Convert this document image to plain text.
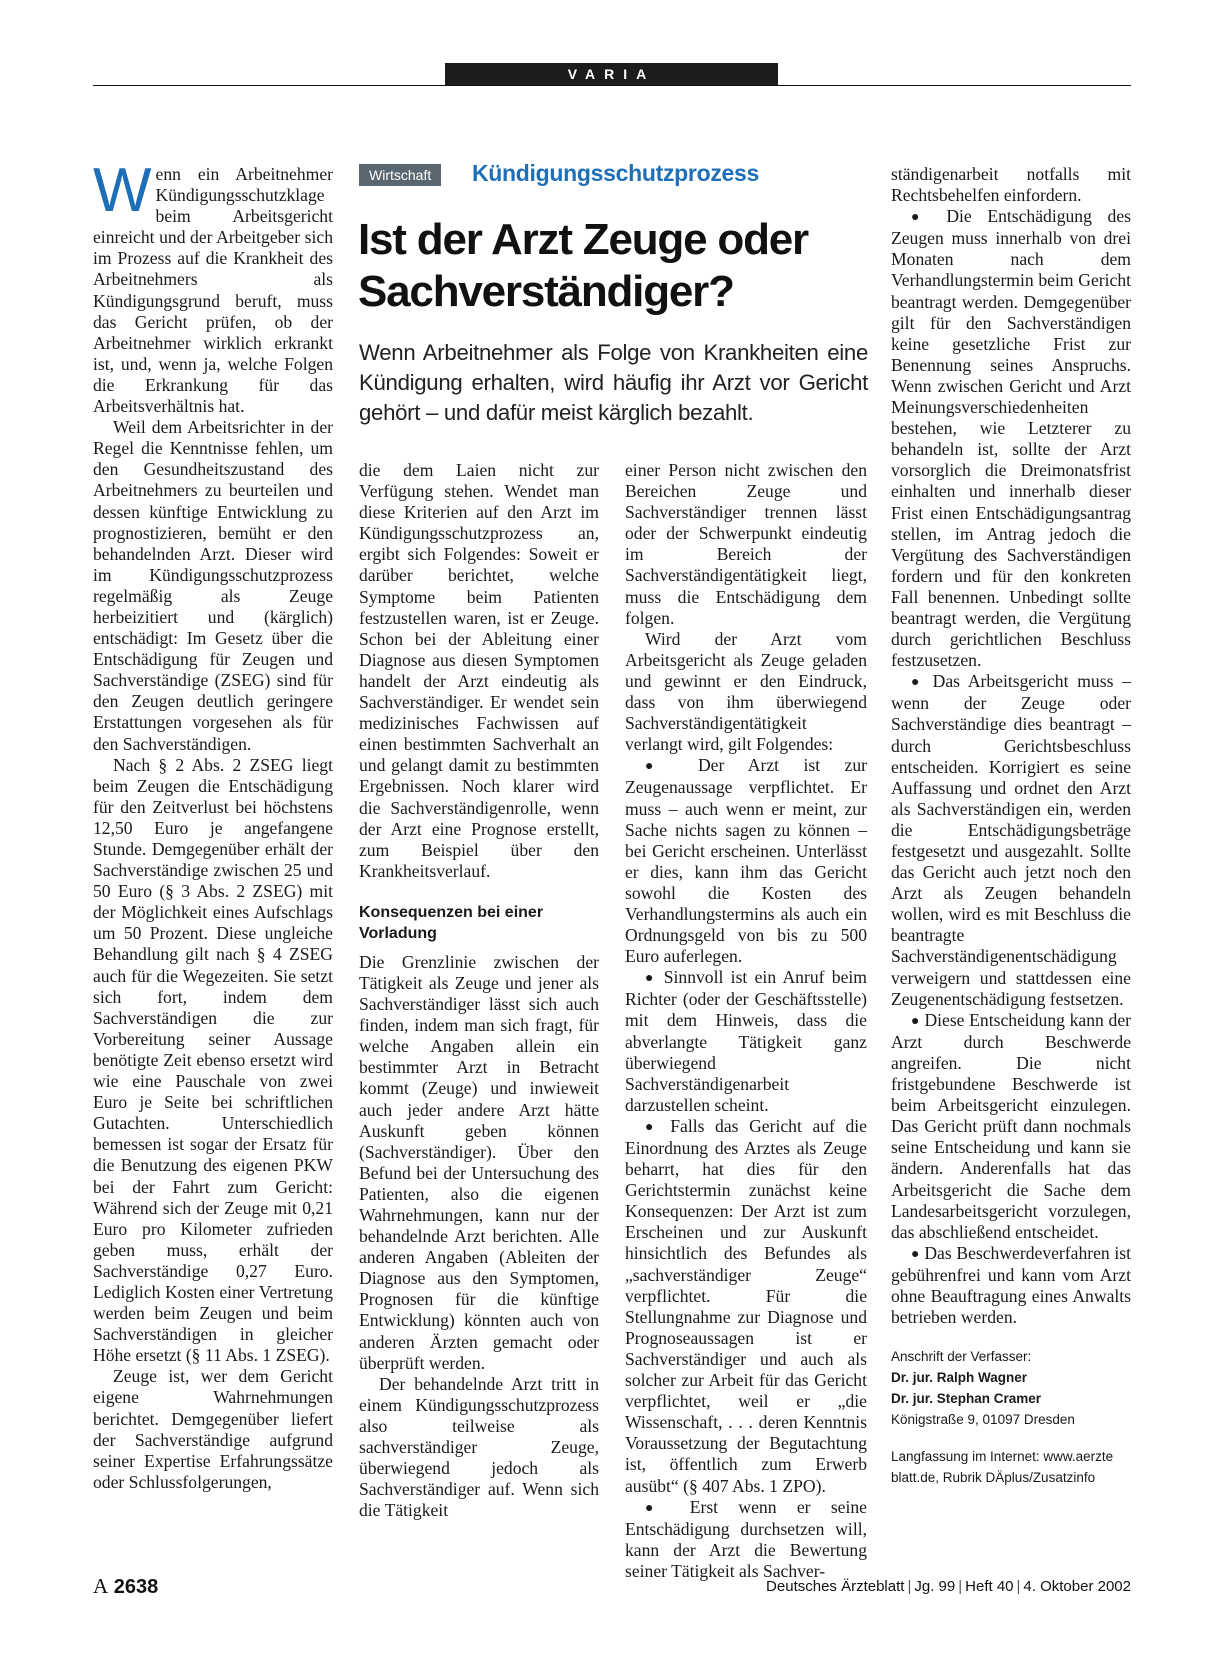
VARIA

Wenn ein Arbeitnehmer Kündigungsschutzklage beim Arbeitsgericht einreicht und der Arbeitgeber sich im Prozess auf die Krankheit des Arbeitnehmers als Kündigungsgrund beruft, muss das Gericht prüfen, ob der Arbeitnehmer wirklich erkrankt ist, und, wenn ja, welche Folgen die Erkrankung für das Arbeitsverhältnis hat.

Weil dem Arbeitsrichter in der Regel die Kenntnisse fehlen, um den Gesundheitszustand des Arbeitnehmers zu beurteilen und dessen künftige Entwicklung zu prognostizieren, bemüht er den behandelnden Arzt. Dieser wird im Kündigungsschutzprozess regelmäßig als Zeuge herbeizitiert und (kärglich) entschädigt: Im Gesetz über die Entschädigung für Zeugen und Sachverständige (ZSEG) sind für den Zeugen deutlich geringere Erstattungen vorgesehen als für den Sachverständigen.

Nach § 2 Abs. 2 ZSEG liegt beim Zeugen die Entschädigung für den Zeitverlust bei höchstens 12,50 Euro je angefangene Stunde. Demgegenüber erhält der Sachverständige zwischen 25 und 50 Euro (§ 3 Abs. 2 ZSEG) mit der Möglichkeit eines Aufschlags um 50 Prozent. Diese ungleiche Behandlung gilt nach § 4 ZSEG auch für die Wegezeiten. Sie setzt sich fort, indem dem Sachverständigen die zur Vorbereitung seiner Aussage benötigte Zeit ebenso ersetzt wird wie eine Pauschale von zwei Euro je Seite bei schriftlichen Gutachten. Unterschiedlich bemessen ist sogar der Ersatz für die Benutzung des eigenen PKW bei der Fahrt zum Gericht: Während sich der Zeuge mit 0,21 Euro pro Kilometer zufrieden geben muss, erhält der Sachverständige 0,27 Euro. Lediglich Kosten einer Vertretung werden beim Zeugen und beim Sachverständigen in gleicher Höhe ersetzt (§ 11 Abs. 1 ZSEG).

Zeuge ist, wer dem Gericht eigene Wahrnehmungen berichtet. Demgegenüber liefert der Sachverständige aufgrund seiner Expertise Erfahrungssätze oder Schlussfolgerungen,

Wirtschaft	Kündigungsschutzprozess
Ist der Arzt Zeuge oder Sachverständiger?
Wenn Arbeitnehmer als Folge von Krankheiten eine Kündigung erhalten, wird häufig ihr Arzt vor Gericht gehört – und dafür meist kärglich bezahlt.

die dem Laien nicht zur Verfügung stehen. Wendet man diese Kriterien auf den Arzt im Kündigungsschutzprozess an, ergibt sich Folgendes: Soweit er darüber berichtet, welche Symptome beim Patienten festzustellen waren, ist er Zeuge. Schon bei der Ableitung einer Diagnose aus diesen Symptomen handelt der Arzt eindeutig als Sachverständiger. Er wendet sein medizinisches Fachwissen auf einen bestimmten Sachverhalt an und gelangt damit zu bestimmten Ergebnissen. Noch klarer wird die Sachverständigenrolle, wenn der Arzt eine Prognose erstellt, zum Beispiel über den Krankheitsverlauf.

Konsequenzen bei einer Vorladung

Die Grenzlinie zwischen der Tätigkeit als Zeuge und jener als Sachverständiger lässt sich auch finden, indem man sich fragt, für welche Angaben allein ein bestimmter Arzt in Betracht kommt (Zeuge) und inwieweit auch jeder andere Arzt hätte Auskunft geben können (Sachverständiger). Über den Befund bei der Untersuchung des Patienten, also die eigenen Wahrnehmungen, kann nur der behandelnde Arzt berichten. Alle anderen Angaben (Ableiten der Diagnose aus den Symptomen, Prognosen für die künftige Entwicklung) könnten auch von anderen Ärzten gemacht oder überprüft werden.

Der behandelnde Arzt tritt in einem Kündigungsschutzprozess also teilweise als sachverständiger Zeuge, überwiegend jedoch als Sachverständiger auf. Wenn sich die Tätigkeit

einer Person nicht zwischen den Bereichen Zeuge und Sachverständiger trennen lässt oder der Schwerpunkt eindeutig im Bereich der Sachverständigentätigkeit liegt, muss die Entschädigung dem folgen.

Wird der Arzt vom Arbeitsgericht als Zeuge geladen und gewinnt er den Eindruck, dass von ihm überwiegend Sachverständigentätigkeit verlangt wird, gilt Folgendes:

● Der Arzt ist zur Zeugenaussage verpflichtet. Er muss – auch wenn er meint, zur Sache nichts sagen zu können – bei Gericht erscheinen. Unterlässt er dies, kann ihm das Gericht sowohl die Kosten des Verhandlungstermins als auch ein Ordnungsgeld von bis zu 500 Euro auferlegen.

● Sinnvoll ist ein Anruf beim Richter (oder der Geschäftsstelle) mit dem Hinweis, dass die abverlangte Tätigkeit ganz überwiegend Sachverständigenarbeit darzustellen scheint.

● Falls das Gericht auf die Einordnung des Arztes als Zeuge beharrt, hat dies für den Gerichtstermin zunächst keine Konsequenzen: Der Arzt ist zum Erscheinen und zur Auskunft hinsichtlich des Befundes als „sachverständiger Zeuge“ verpflichtet. Für die Stellungnahme zur Diagnose und Prognoseaussagen ist er Sachverständiger und auch als solcher zur Arbeit für das Gericht verpflichtet, weil er „die Wissenschaft, . . . deren Kenntnis Voraussetzung der Begutachtung ist, öffentlich zum Erwerb ausübt“ (§ 407 Abs. 1 ZPO).

● Erst wenn er seine Entschädigung durchsetzen will, kann der Arzt die Bewertung seiner Tätigkeit als Sachver-

ständigenarbeit notfalls mit Rechtsbehelfen einfordern.

● Die Entschädigung des Zeugen muss innerhalb von drei Monaten nach dem Verhandlungstermin beim Gericht beantragt werden. Demgegenüber gilt für den Sachverständigen keine gesetzliche Frist zur Benennung seines Anspruchs. Wenn zwischen Gericht und Arzt Meinungsverschiedenheiten bestehen, wie Letzterer zu behandeln ist, sollte der Arzt vorsorglich die Dreimonatsfrist einhalten und innerhalb dieser Frist einen Entschädigungsantrag stellen, im Antrag jedoch die Vergütung des Sachverständigen fordern und für den konkreten Fall benennen. Unbedingt sollte beantragt werden, die Vergütung durch gerichtlichen Beschluss festzusetzen.

● Das Arbeitsgericht muss – wenn der Zeuge oder Sachverständige dies beantragt – durch Gerichtsbeschluss entscheiden. Korrigiert es seine Auffassung und ordnet den Arzt als Sachverständigen ein, werden die Entschädigungsbeträge festgesetzt und ausgezahlt. Sollte das Gericht auch jetzt noch den Arzt als Zeugen behandeln wollen, wird es mit Beschluss die beantragte Sachverständigenentschädigung verweigern und stattdessen eine Zeugenentschädigung festsetzen.

● Diese Entscheidung kann der Arzt durch Beschwerde angreifen. Die nicht fristgebundene Beschwerde ist beim Arbeitsgericht einzulegen. Das Gericht prüft dann nochmals seine Entscheidung und kann sie ändern. Anderenfalls hat das Arbeitsgericht die Sache dem Landesarbeitsgericht vorzulegen, das abschließend entscheidet.

● Das Beschwerdeverfahren ist gebührenfrei und kann vom Arzt ohne Beauftragung eines Anwalts betrieben werden.

Anschrift der Verfasser:

Dr. jur. Ralph Wagner

Dr. jur. Stephan Cramer

Königstraße 9, 01097 Dresden

Langfassung im Internet: www.aerzte

blatt.de, Rubrik DÄplus/Zusatzinfo

A 2638	Deutsches Ärzteblatt | Jg. 99 | Heft 40 | 4. Oktober 2002
